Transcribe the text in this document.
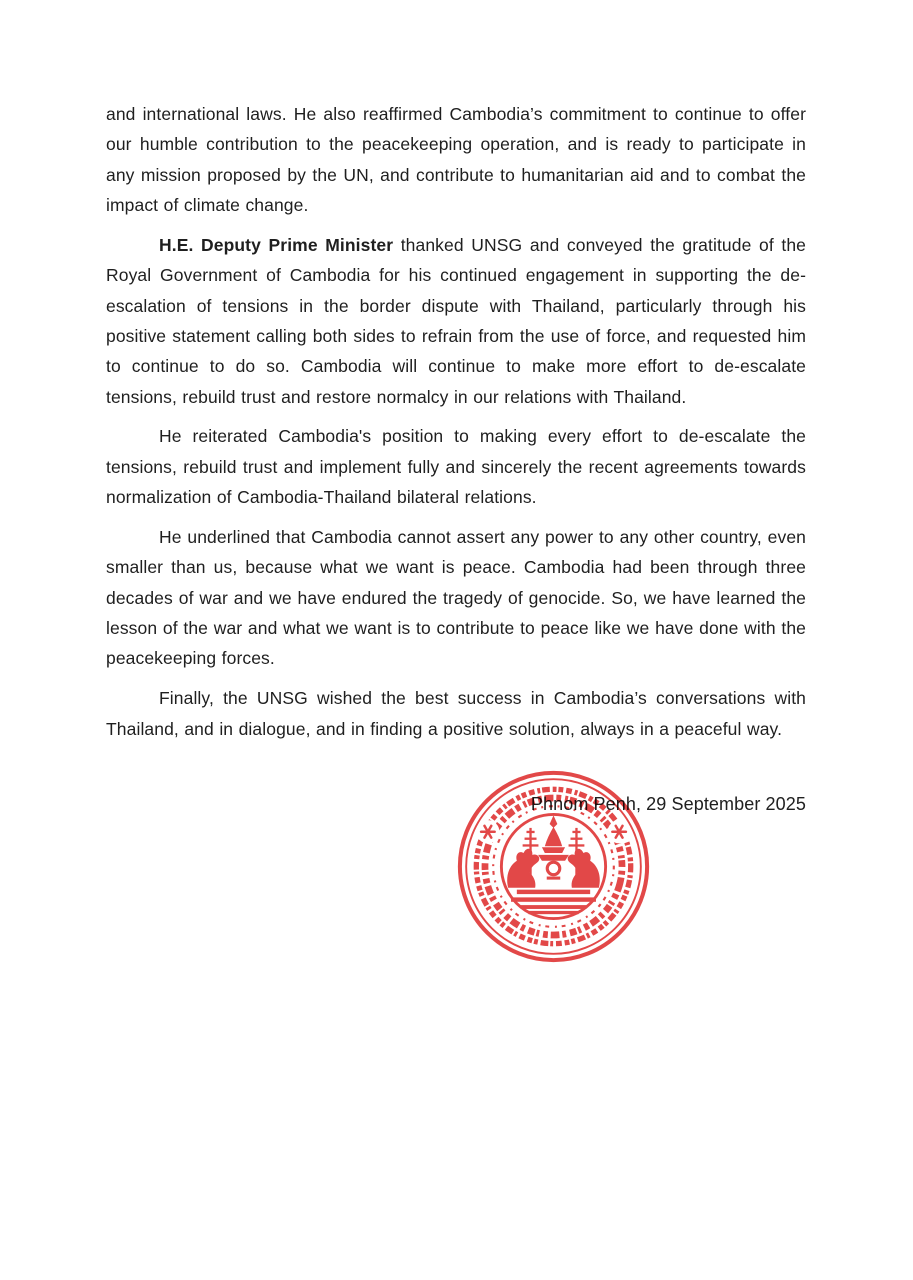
and international laws. He also reaffirmed Cambodia’s commitment to continue to offer our humble contribution to the peacekeeping operation, and is ready to participate in any mission proposed by the UN, and contribute to humanitarian aid and to combat the impact of climate change.

H.E. Deputy Prime Minister thanked UNSG and conveyed the gratitude of the Royal Government of Cambodia for his continued engagement in supporting the de-escalation of tensions in the border dispute with Thailand, particularly through his positive statement calling both sides to refrain from the use of force, and requested him to continue to do so. Cambodia will continue to make more effort to de-escalate tensions, rebuild trust and restore normalcy in our relations with Thailand.

He reiterated Cambodia's position to making every effort to de-escalate the tensions, rebuild trust and implement fully and sincerely the recent agreements towards normalization of Cambodia-Thailand bilateral relations.

He underlined that Cambodia cannot assert any power to any other country, even smaller than us, because what we want is peace. Cambodia had been through three decades of war and we have endured the tragedy of genocide. So, we have learned the lesson of the war and what we want is to contribute to peace like we have done with the peacekeeping forces.

Finally, the UNSG wished the best success in Cambodia’s conversations with Thailand, and in dialogue, and in finding a positive solution, always in a peaceful way.

Phnom Penh, 29 September 2025
